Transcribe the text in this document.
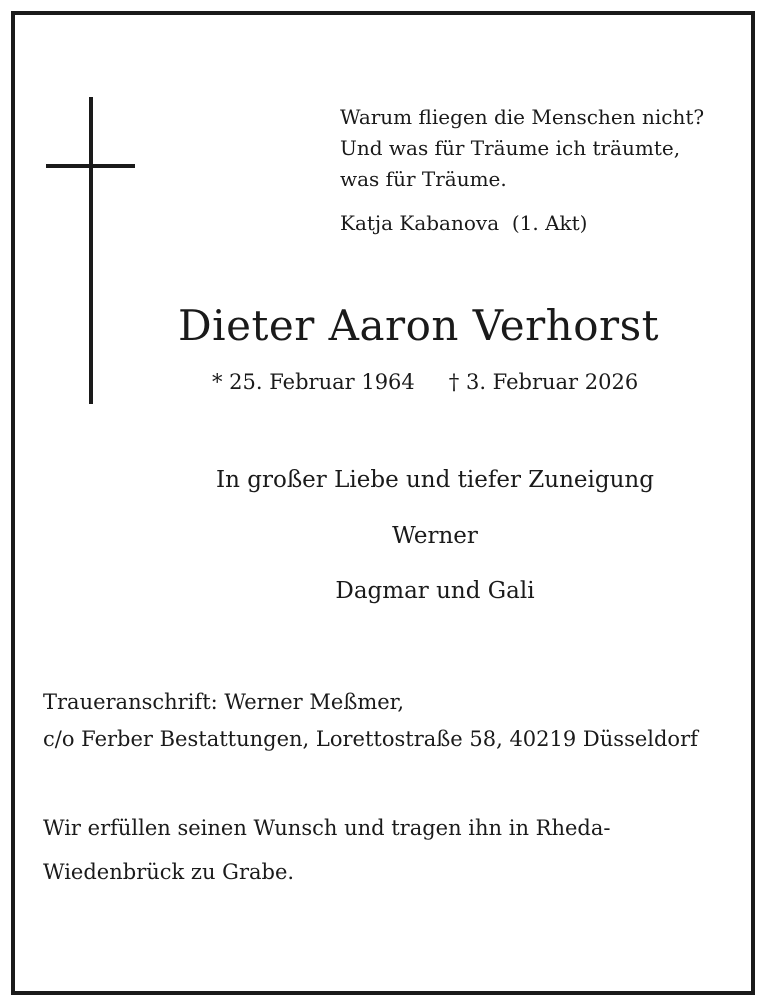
Warum fliegen die Menschen nicht?
Und was für Träume ich träumte,
was für Träume.
Katja Kabanova  (1. Akt)
Dieter Aaron Verhorst
* 25. Februar 1964 † 3. Februar 2026
In großer Liebe und tiefer Zuneigung
Werner
Dagmar und Gali
Traueranschrift: Werner Meßmer,
c/o Ferber Bestattungen, Lorettostraße 58, 40219 Düsseldorf
Wir erfüllen seinen Wunsch und tragen ihn in Rheda-
Wiedenbrück zu Grabe.
